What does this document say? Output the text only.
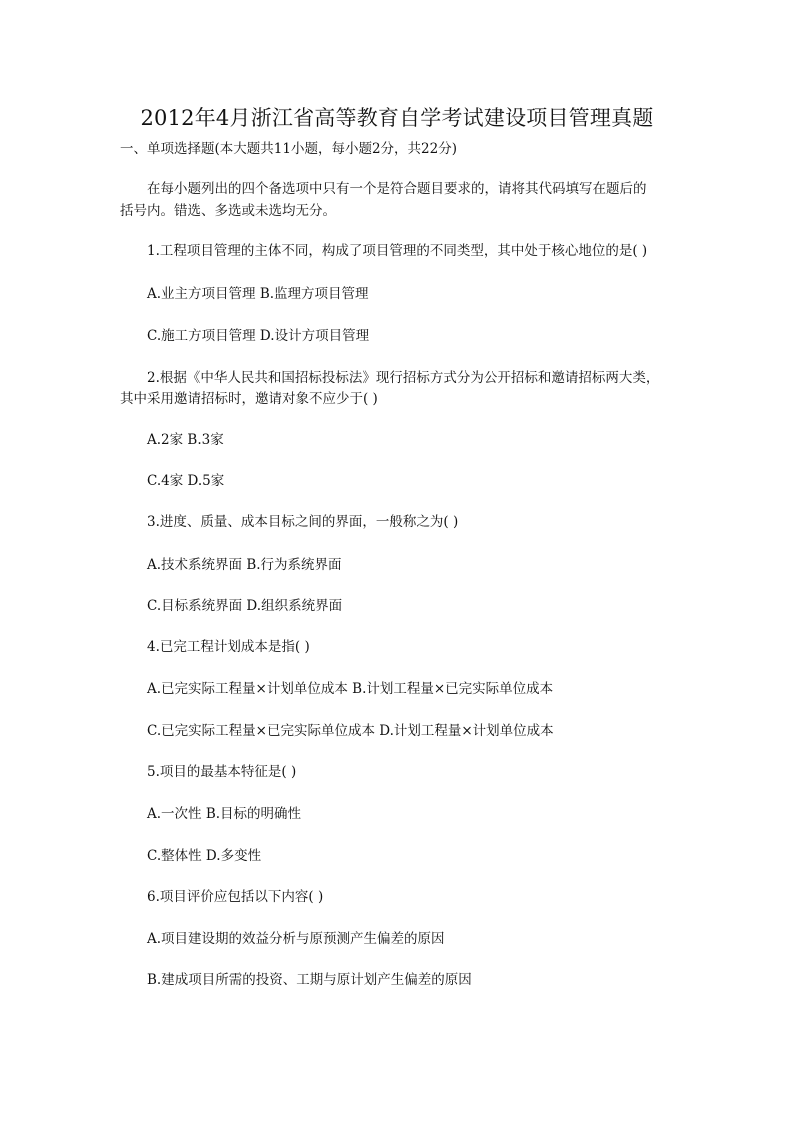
2012年4月浙江省高等教育自学考试建设项目管理真题
一、单项选择题(本大题共11小题，每小题2分，共22分)
在每小题列出的四个备选项中只有一个是符合题目要求的，请将其代码填写在题后的
括号内。错选、多选或未选均无分。
1.工程项目管理的主体不同，构成了项目管理的不同类型，其中处于核心地位的是( )
A.业主方项目管理 B.监理方项目管理
C.施工方项目管理 D.设计方项目管理
2.根据《中华人民共和国招标投标法》现行招标方式分为公开招标和邀请招标两大类，
其中采用邀请招标时，邀请对象不应少于( )
A.2家 B.3家
C.4家 D.5家
3.进度、质量、成本目标之间的界面，一般称之为( )
A.技术系统界面 B.行为系统界面
C.目标系统界面 D.组织系统界面
4.已完工程计划成本是指( )
A.已完实际工程量×计划单位成本 B.计划工程量×已完实际单位成本
C.已完实际工程量×已完实际单位成本 D.计划工程量×计划单位成本
5.项目的最基本特征是( )
A.一次性 B.目标的明确性
C.整体性 D.多变性
6.项目评价应包括以下内容( )
A.项目建设期的效益分析与原预测产生偏差的原因
B.建成项目所需的投资、工期与原计划产生偏差的原因
